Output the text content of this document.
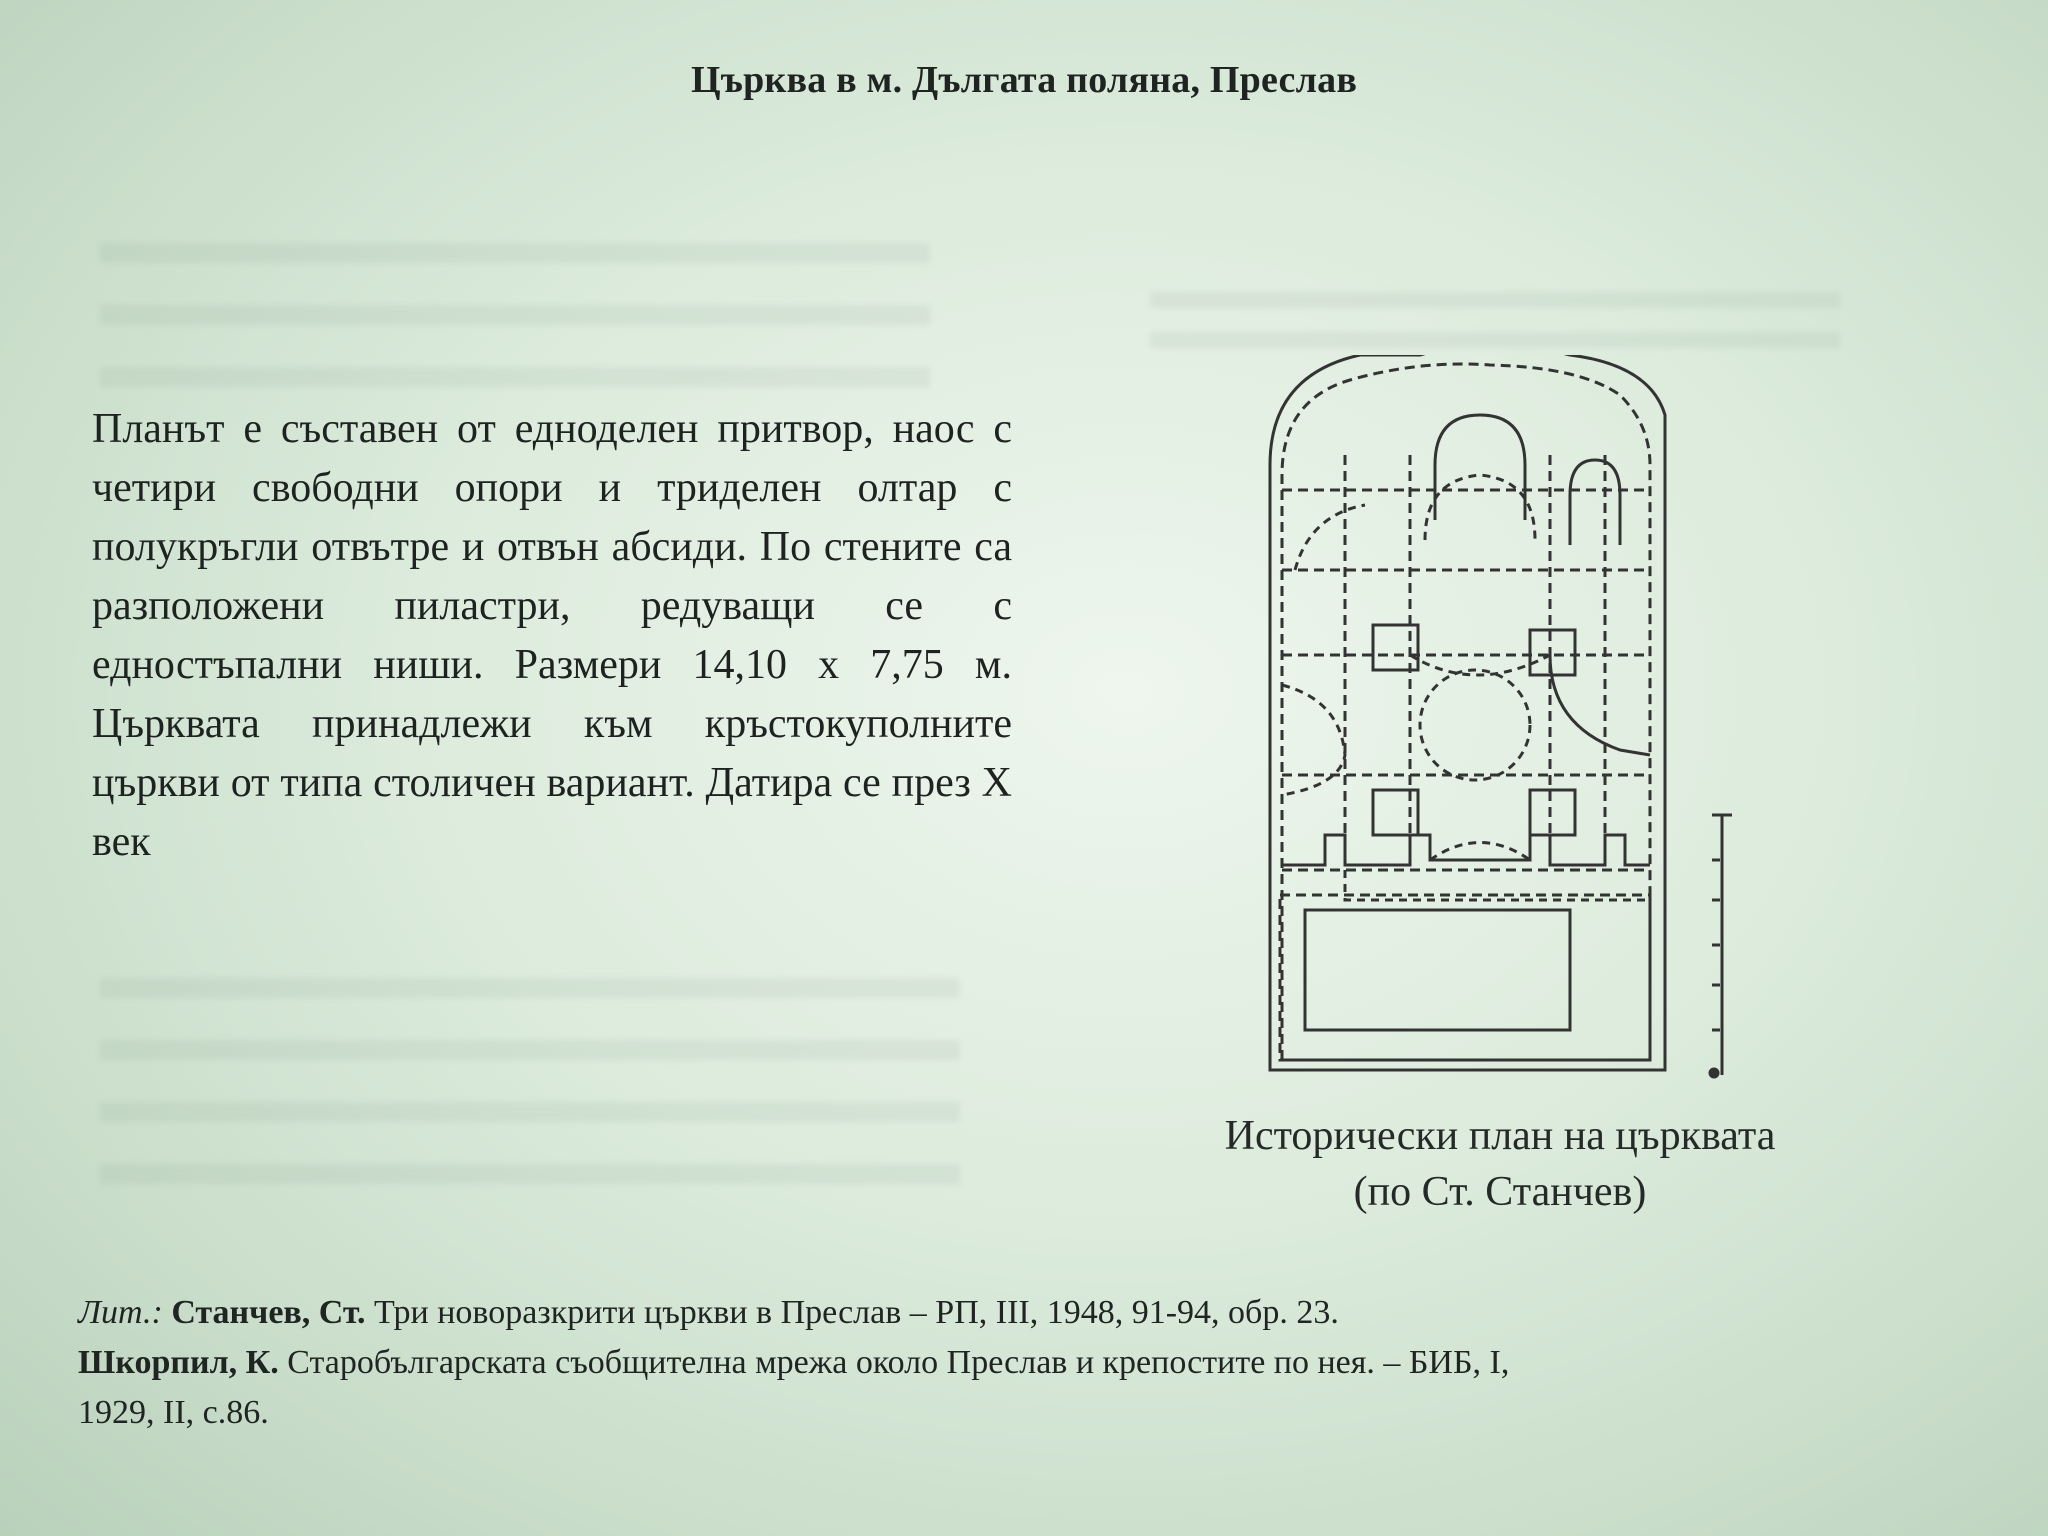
Църква в м. Дългата поляна, Преслав

Планът е съставен от едноделен притвор, наос с четири свободни опори и триделен олтар с полукръгли отвътре и отвън абсиди. По стените са разположени пиластри, редуващи се с едностъпални ниши. Размери 14,10 х 7,75 м. Църквата принадлежи към кръстокуполните църкви от типа столичен вариант. Датира се през X век

Исторически план на църквата
(по Ст. Станчев)
Лит.: Станчев, Ст. Три новоразкрити църкви в Преслав – РП, III, 1948, 91-94, обр. 23.
Шкорпил, К. Старобългарската съобщителна мрежа около Преслав и крепостите по нея. – БИБ, I,
1929, II, с.86.
